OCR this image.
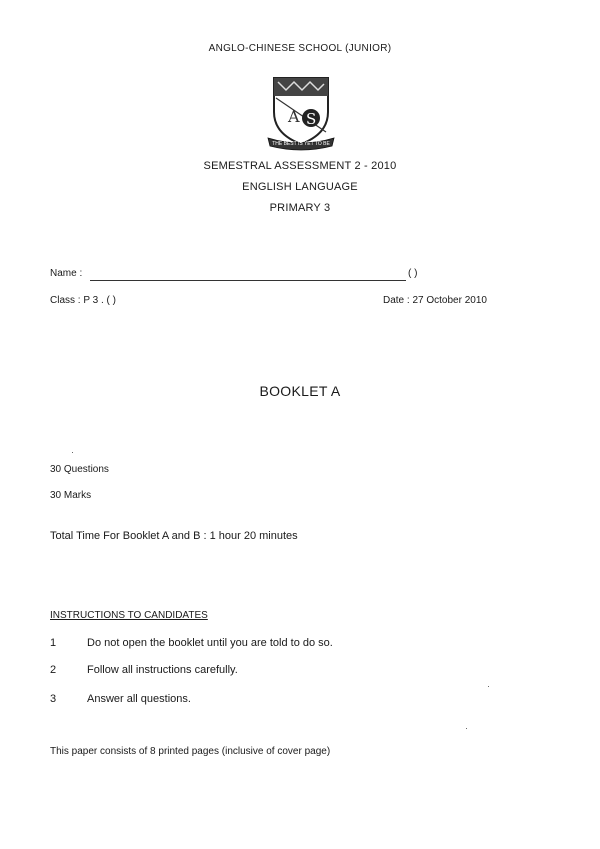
ANGLO-CHINESE SCHOOL (JUNIOR)
A S
THE BEST IS YET TO BE
SEMESTRAL ASSESSMENT 2 - 2010
ENGLISH LANGUAGE
PRIMARY 3
Name :	( )
Class : P 3 . ( )	Date : 27 October 2010
BOOKLET A
30 Questions
30 Marks
Total Time For Booklet A and B : 1 hour 20 minutes
INSTRUCTIONS TO CANDIDATES
1	Do not open the booklet until you are told to do so.
2	Follow all instructions carefully.
3	Answer all questions.
This paper consists of 8 printed pages (inclusive of cover page)
